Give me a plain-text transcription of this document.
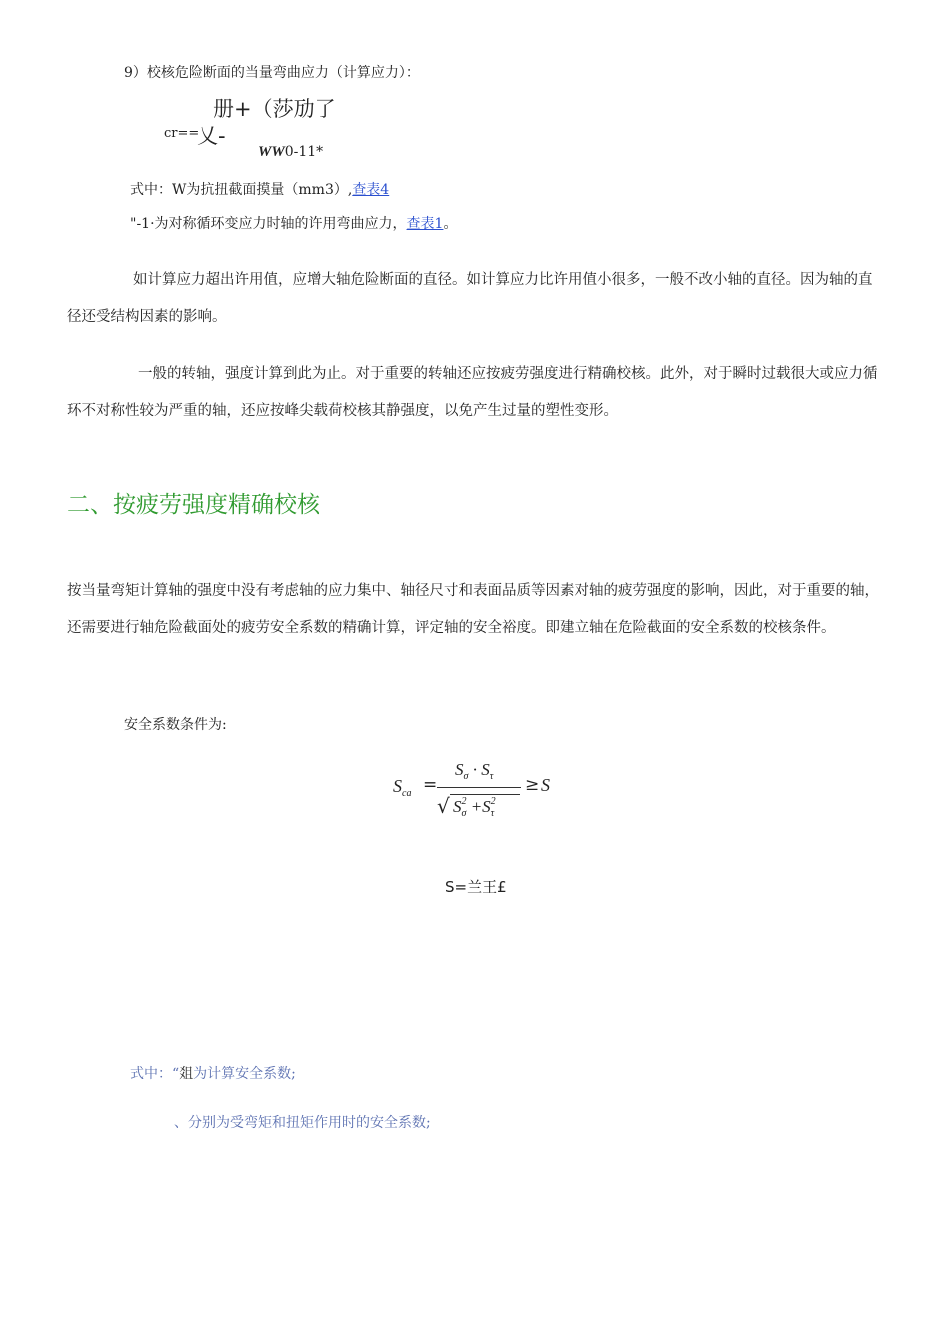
9）校核危险断面的当量弯曲应力（计算应力）：
册+（莎劢了
cr==
乂-
WW0-11*
式中：W为抗扭截面摸量（mm3）,查表4
"-1·为对称循环变应力时轴的许用弯曲应力，查表1。
如计算应力超出许用值，应增大轴危险断面的直径。如计算应力比许用值小很多，一般不改小轴的直径。因为轴的直径还受结构因素的影响。
一般的转轴，强度计算到此为止。对于重要的转轴还应按疲劳强度进行精确校核。此外，对于瞬时过载很大或应力循环不对称性较为严重的轴，还应按峰尖载荷校核其静强度，以免产生过量的塑性变形。
二、按疲劳强度精确校核
按当量弯矩计算轴的强度中没有考虑轴的应力集中、轴径尺寸和表面品质等因素对轴的疲劳强度的影响，因此，对于重要的轴，还需要进行轴危险截面处的疲劳安全系数的精确计算，评定轴的安全裕度。即建立轴在危险截面的安全系数的校核条件。
安全系数条件为:
$S_{ca}$ =
$S_\sigma \cdot S_\tau$
√ $S^2_\sigma +S^2_\tau$
≥ S
S=兰王£
式中：“爼为计算安全系数;
、分别为受弯矩和扭矩作用时的安全系数;
